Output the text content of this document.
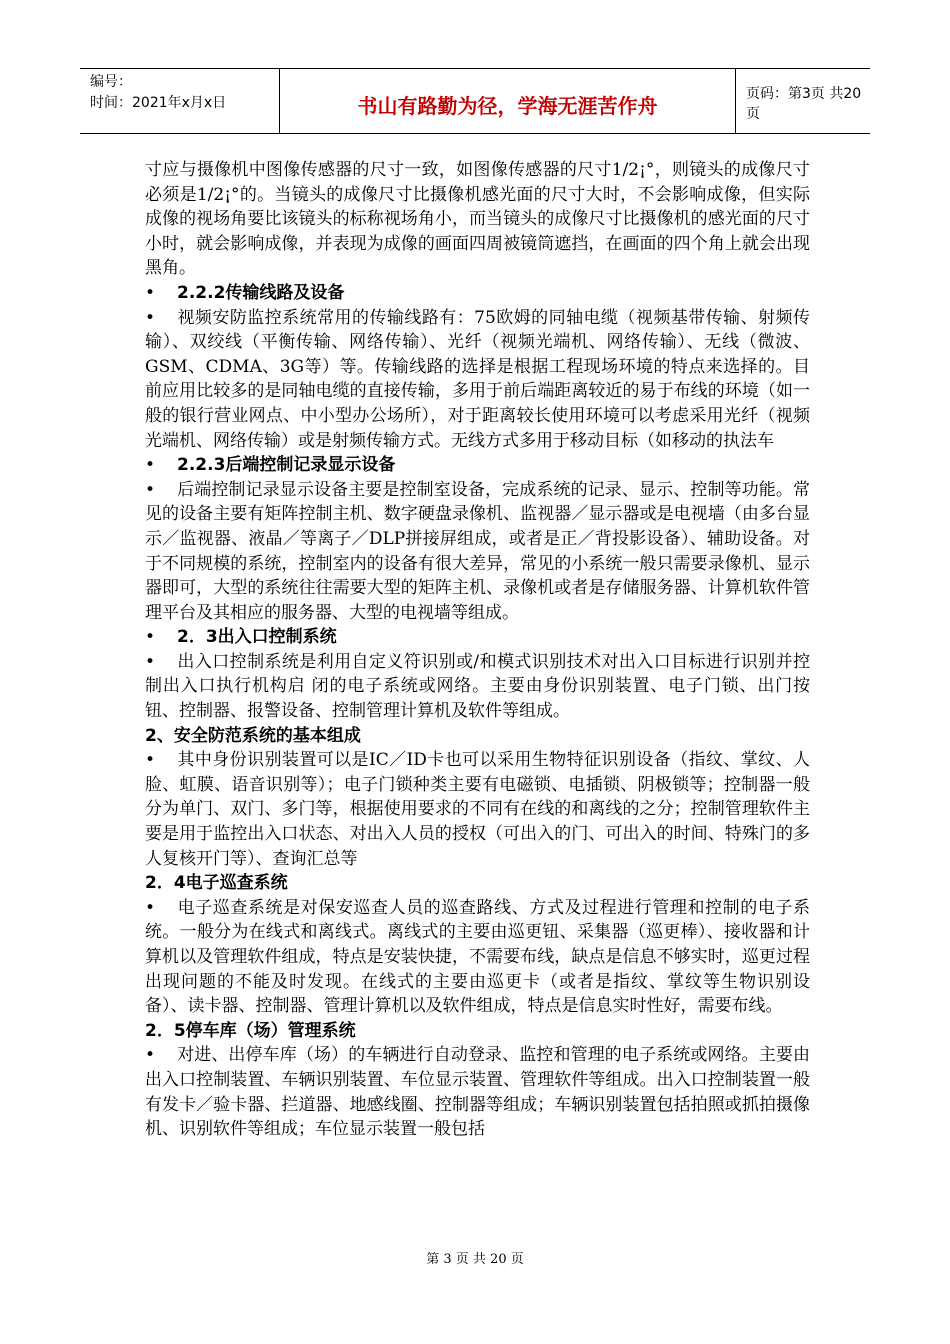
编号：
时间：2021年x月x日	书山有路勤为径，学海无涯苦作舟	页码：第3页 共20页

寸应与摄像机中图像传感器的尺寸一致，如图像传感器的尺寸1/2¡°，则镜头的成像尺寸必须是1/2¡°的。当镜头的成像尺寸比摄像机感光面的尺寸大时，不会影响成像，但实际成像的视场角要比该镜头的标称视场角小，而当镜头的成像尺寸比摄像机的感光面的尺寸小时，就会影响成像，并表现为成像的画面四周被镜筒遮挡，在画面的四个角上就会出现黑角。

• 2.2.2传输线路及设备

• 视频安防监控系统常用的传输线路有：75欧姆的同轴电缆（视频基带传输、射频传输）、双绞线（平衡传输、网络传输）、光纤（视频光端机、网络传输）、无线（微波、GSM、CDMA、3G等）等。传输线路的选择是根据工程现场环境的特点来选择的。目前应用比较多的是同轴电缆的直接传输，多用于前后端距离较近的易于布线的环境（如一般的银行营业网点、中小型办公场所），对于距离较长使用环境可以考虑采用光纤（视频光端机、网络传输）或是射频传输方式。无线方式多用于移动目标（如移动的执法车

• 2.2.3后端控制记录显示设备

• 后端控制记录显示设备主要是控制室设备，完成系统的记录、显示、控制等功能。常见的设备主要有矩阵控制主机、数字硬盘录像机、监视器／显示器或是电视墙（由多台显示／监视器、液晶／等离子／DLP拼接屏组成，或者是正／背投影设备）、辅助设备。对于不同规模的系统，控制室内的设备有很大差异，常见的小系统一般只需要录像机、显示器即可，大型的系统往往需要大型的矩阵主机、录像机或者是存储服务器、计算机软件管理平台及其相应的服务器、大型的电视墙等组成。

• 2．3出入口控制系统

• 出入口控制系统是利用自定义符识别或/和模式识别技术对出入口目标进行识别并控制出入口执行机构启 闭的电子系统或网络。主要由身份识别装置、电子门锁、出门按钮、控制器、报警设备、控制管理计算机及软件等组成。

2、安全防范系统的基本组成

• 其中身份识别装置可以是IC／ID卡也可以采用生物特征识别设备（指纹、掌纹、人脸、虹膜、语音识别等）；电子门锁种类主要有电磁锁、电插锁、阴极锁等；控制器一般分为单门、双门、多门等，根据使用要求的不同有在线的和离线的之分；控制管理软件主要是用于监控出入口状态、对出入人员的授权（可出入的门、可出入的时间、特殊门的多人复核开门等）、查询汇总等

2．4电子巡查系统

• 电子巡查系统是对保安巡查人员的巡查路线、方式及过程进行管理和控制的电子系统。一般分为在线式和离线式。离线式的主要由巡更钮、采集器（巡更棒）、接收器和计算机以及管理软件组成，特点是安装快捷，不需要布线，缺点是信息不够实时，巡更过程出现问题的不能及时发现。在线式的主要由巡更卡（或者是指纹、掌纹等生物识别设备）、读卡器、控制器、管理计算机以及软件组成，特点是信息实时性好，需要布线。

2．5停车库（场）管理系统

• 对进、出停车库（场）的车辆进行自动登录、监控和管理的电子系统或网络。主要由出入口控制装置、车辆识别装置、车位显示装置、管理软件等组成。出入口控制装置一般有发卡／验卡器、拦道器、地感线圈、控制器等组成；车辆识别装置包括拍照或抓拍摄像机、识别软件等组成；车位显示装置一般包括

第 3 页 共 20 页
